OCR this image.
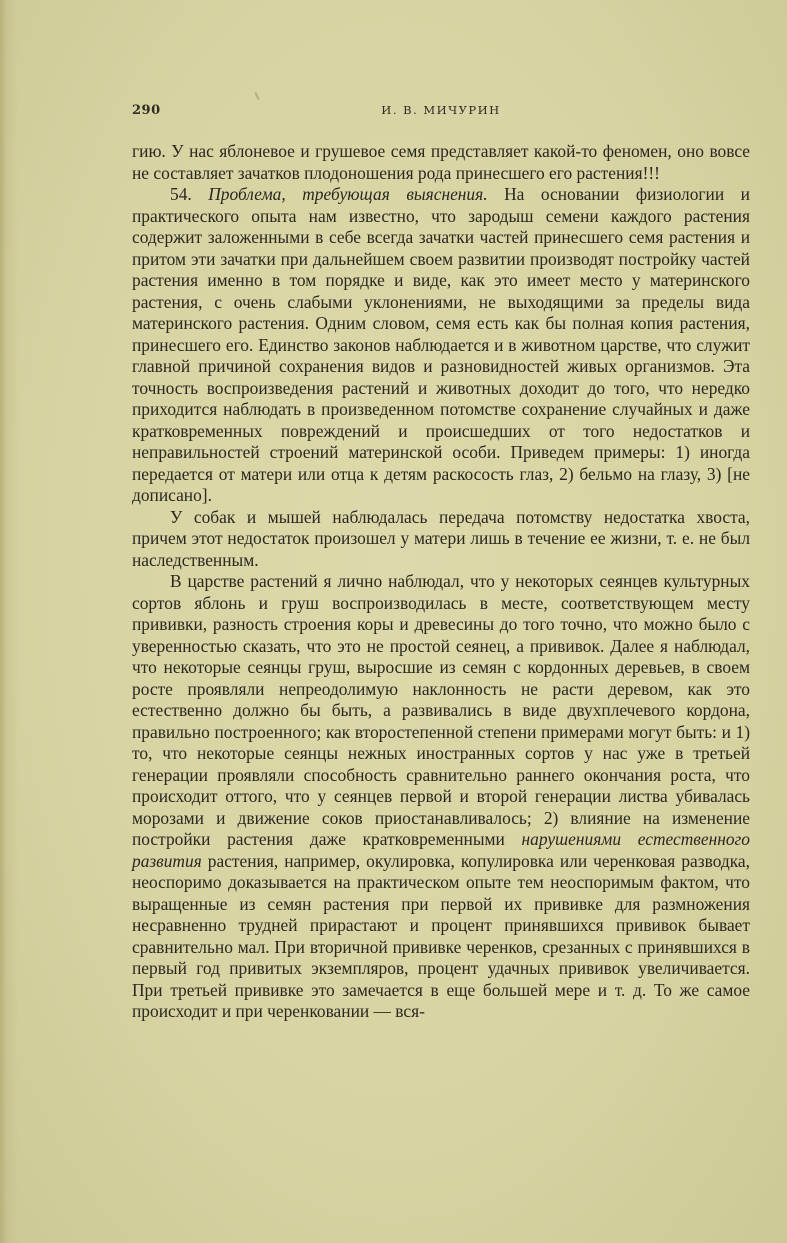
290	И. В. МИЧУРИН

гию. У нас яблоневое и грушевое семя представляет какой-то феномен, оно вовсе не составляет зачатков плодоношения рода принесшего его растения!!!

54. Проблема, требующая выяснения. На основании физиологии и практического опыта нам известно, что зародыш семени каждого растения содержит заложенными в себе всегда зачатки частей принесшего семя растения и притом эти зачатки при дальнейшем своем развитии производят постройку частей растения именно в том порядке и виде, как это имеет место у материнского растения, с очень слабыми уклонениями, не выходящими за пределы вида материнского растения. Одним словом, семя есть как бы полная копия растения, принесшего его. Единство законов наблюдается и в животном царстве, что служит главной причиной сохранения видов и разновидностей живых организмов. Эта точность воспроизведения растений и животных доходит до того, что нередко приходится наблюдать в произведенном потомстве сохранение случайных и даже кратковременных повреждений и происшедших от того недостатков и неправильностей строений материнской особи. Приведем примеры: 1) иногда передается от матери или отца к детям раскосость глаз, 2) бельмо на глазу, 3) [не дописано].

У собак и мышей наблюдалась передача потомству недостатка хвоста, причем этот недостаток произошел у матери лишь в течение ее жизни, т. е. не был наследственным.

В царстве растений я лично наблюдал, что у некоторых сеянцев культурных сортов яблонь и груш воспроизводилась в месте, соответствующем месту прививки, разность строения коры и древесины до того точно, что можно было с уверенностью сказать, что это не простой сеянец, а прививок. Далее я наблюдал, что некоторые сеянцы груш, выросшие из семян с кордонных деревьев, в своем росте проявляли непреодолимую наклонность не расти деревом, как это естественно должно бы быть, а развивались в виде двухплечевого кордона, правильно построенного; как второстепенной степени примерами могут быть: и 1) то, что некоторые сеянцы нежных иностранных сортов у нас уже в третьей генерации проявляли способность сравнительно раннего окончания роста, что происходит оттого, что у сеянцев первой и второй генерации листва убивалась морозами и движение соков приостанавливалось; 2) влияние на изменение постройки растения даже кратковременными нарушениями естественного развития растения, например, окулировка, копулировка или черенковая разводка, неоспоримо доказывается на практическом опыте тем неоспоримым фактом, что выращенные из семян растения при первой их прививке для размножения несравненно трудней прирастают и процент принявшихся прививок бывает сравнительно мал. При вторичной прививке черенков, срезанных с принявшихся в первый год привитых экземпляров, процент удачных прививок увеличивается. При третьей прививке это замечается в еще большей мере и т. д. То же самое происходит и при черенковании — вся-
